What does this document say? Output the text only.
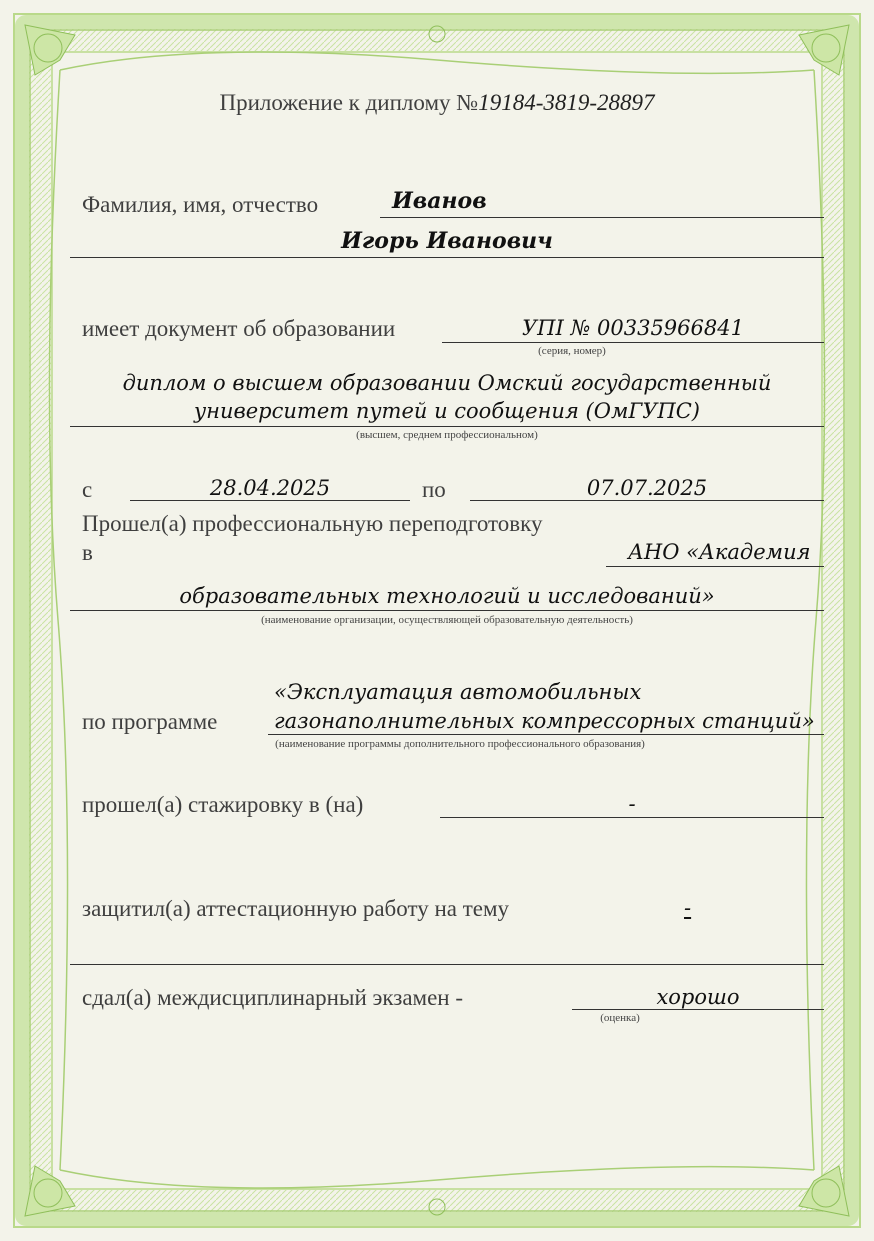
Приложение к диплому №19184-3819-28897
Фамилия, имя, отчество	Иванов
Игорь Иванович
имеет документ об образовании	УПI № 00335966841
(серия, номер)
диплом о высшем образовании Омский государственный
университет путей и сообщения (ОмГУПС)
(высшем, среднем профессиональном)
с	28.04.2025	по	07.07.2025
Прошел(а) профессиональную переподготовку
в	АНО «Академия
образовательных технологий и исследований»
(наименование организации, осуществляющей образовательную деятельность)
«Эксплуатация автомобильных
по программе	газонаполнительных компрессорных станций»
(наименование программы дополнительного профессионального образования)
прошел(а) стажировку в (на)	-
защитил(а) аттестационную работу на тему	-
сдал(а) междисциплинарный экзамен -	хорошо
(оценка)
